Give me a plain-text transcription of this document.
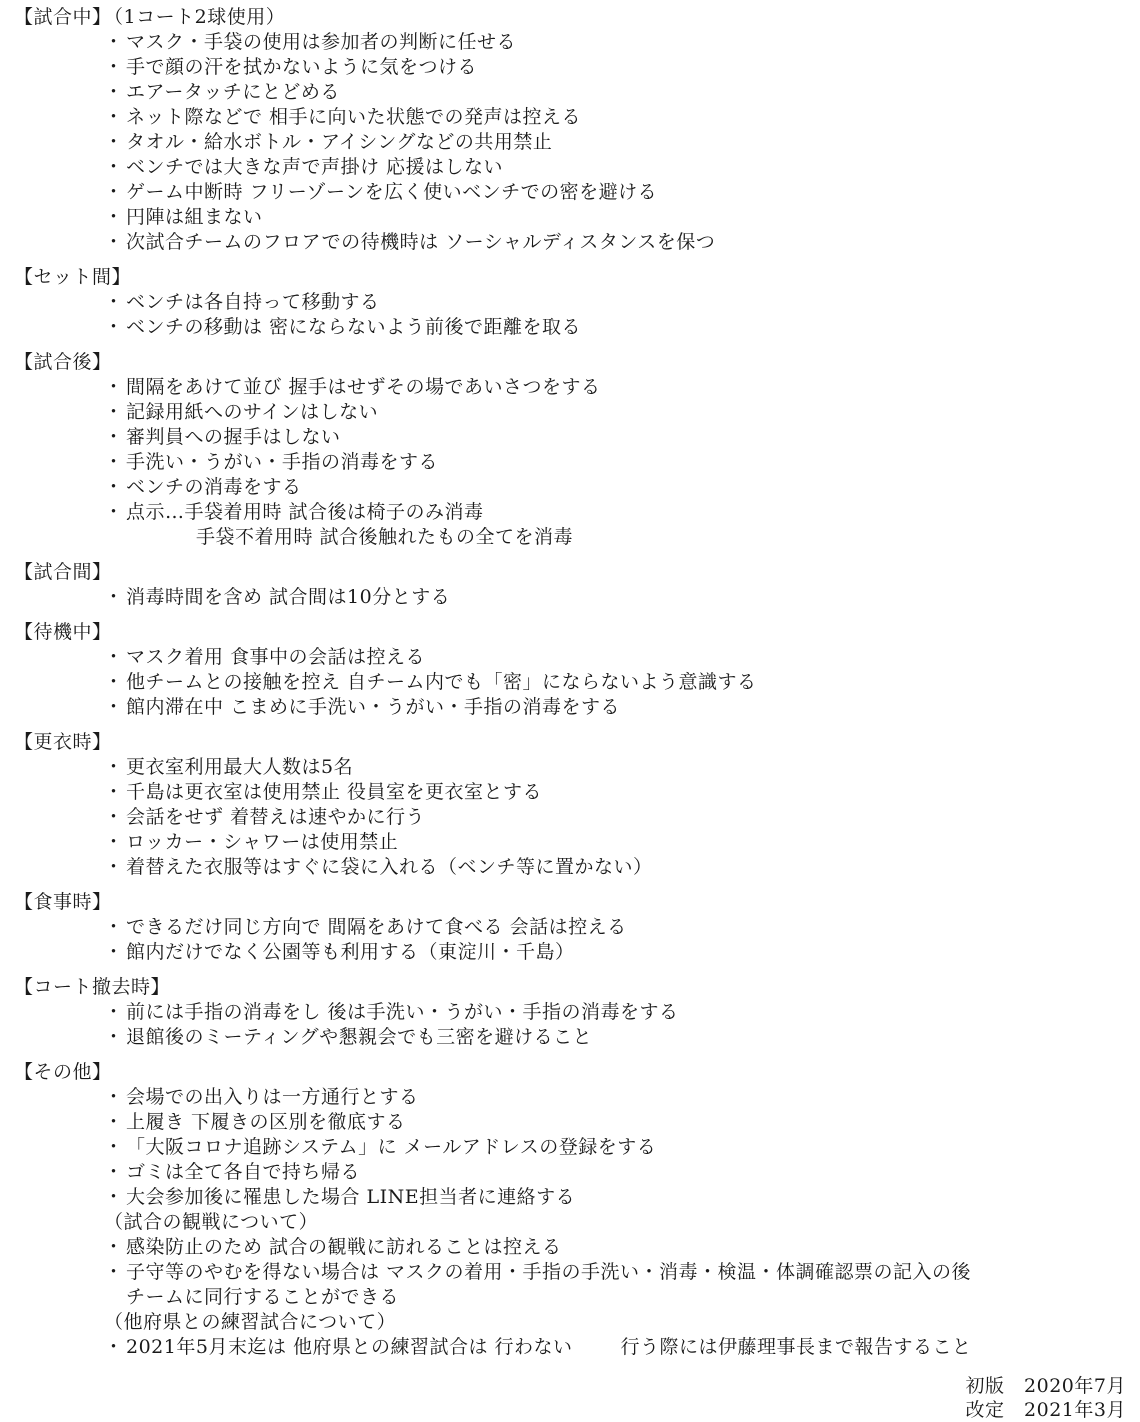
【試合中】 （1コート2球使用）
・ マスク・手袋の使用は参加者の判断に任せる
・ 手で顔の汗を拭かないように気をつける
・ エアータッチにとどめる
・ ネット際などで 相手に向いた状態での発声は控える
・ タオル・給水ボトル・アイシングなどの共用禁止
・ ベンチでは大きな声で声掛け 応援はしない
・ ゲーム中断時 フリーゾーンを広く使いベンチでの密を避ける
・ 円陣は組まない
・ 次試合チームのフロアでの待機時は ソーシャルディスタンスを保つ
【セット間】
・ ベンチは各自持って移動する
・ ベンチの移動は 密にならないよう前後で距離を取る
【試合後】
・ 間隔をあけて並び 握手はせずその場であいさつをする
・ 記録用紙へのサインはしない
・ 審判員への握手はしない
・ 手洗い・うがい・手指の消毒をする
・ ベンチの消毒をする
・ 点示…手袋着用時 試合後は椅子のみ消毒
手袋不着用時 試合後触れたもの全てを消毒
【試合間】
・ 消毒時間を含め 試合間は10分とする
【待機中】
・ マスク着用 食事中の会話は控える
・ 他チームとの接触を控え 自チーム内でも「密」にならないよう意識する
・ 館内滞在中 こまめに手洗い・うがい・手指の消毒をする
【更衣時】
・ 更衣室利用最大人数は5名
・ 千島は更衣室は使用禁止 役員室を更衣室とする
・ 会話をせず 着替えは速やかに行う
・ ロッカー・シャワーは使用禁止
・ 着替えた衣服等はすぐに袋に入れる（ベンチ等に置かない）
【食事時】
・ できるだけ同じ方向で 間隔をあけて食べる 会話は控える
・ 館内だけでなく公園等も利用する（東淀川・千島）
【コート撤去時】
・ 前には手指の消毒をし 後は手洗い・うがい・手指の消毒をする
・ 退館後のミーティングや懇親会でも三密を避けること
【その他】
・ 会場での出入りは一方通行とする
・ 上履き 下履きの区別を徹底する
・ 「大阪コロナ追跡システム」に メールアドレスの登録をする
・ ゴミは全て各自で持ち帰る
・ 大会参加後に罹患した場合 LINE担当者に連絡する
（試合の観戦について）
・ 感染防止のため 試合の観戦に訪れることは控える
・ 子守等のやむを得ない場合は マスクの着用・手指の手洗い・消毒・検温・体調確認票の記入の後
チームに同行することができる
（他府県との練習試合について）
・ 2021年5月末迄は 他府県との練習試合は 行わない	行う際には伊藤理事長まで報告すること
初版　2020年7月
改定　2021年3月
